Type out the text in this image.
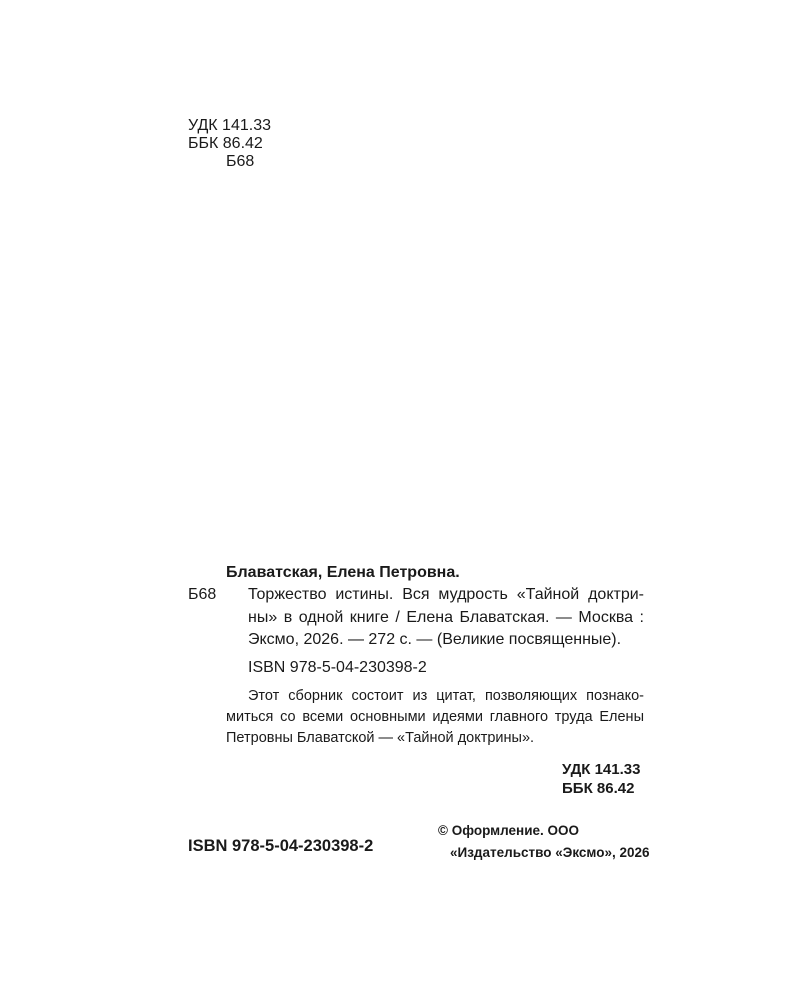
УДК 141.33
ББК 86.42
Б68
Блаватская, Елена Петровна.
Б68 Торжество истины. Вся мудрость «Тайной доктри-
ны» в одной книге / Елена Блаватская. — Москва :
Эксмо, 2026. — 272 с. — (Великие посвященные).
ISBN 978-5-04-230398-2
Этот сборник состоит из цитат, позволяющих познако-
миться со всеми основными идеями главного труда Елены
Петровны Блаватской — «Тайной доктрины».
УДК 141.33
ББК 86.42
ISBN 978-5-04-230398-2
© Оформление. ООО
«Издательство «Эксмо», 2026
